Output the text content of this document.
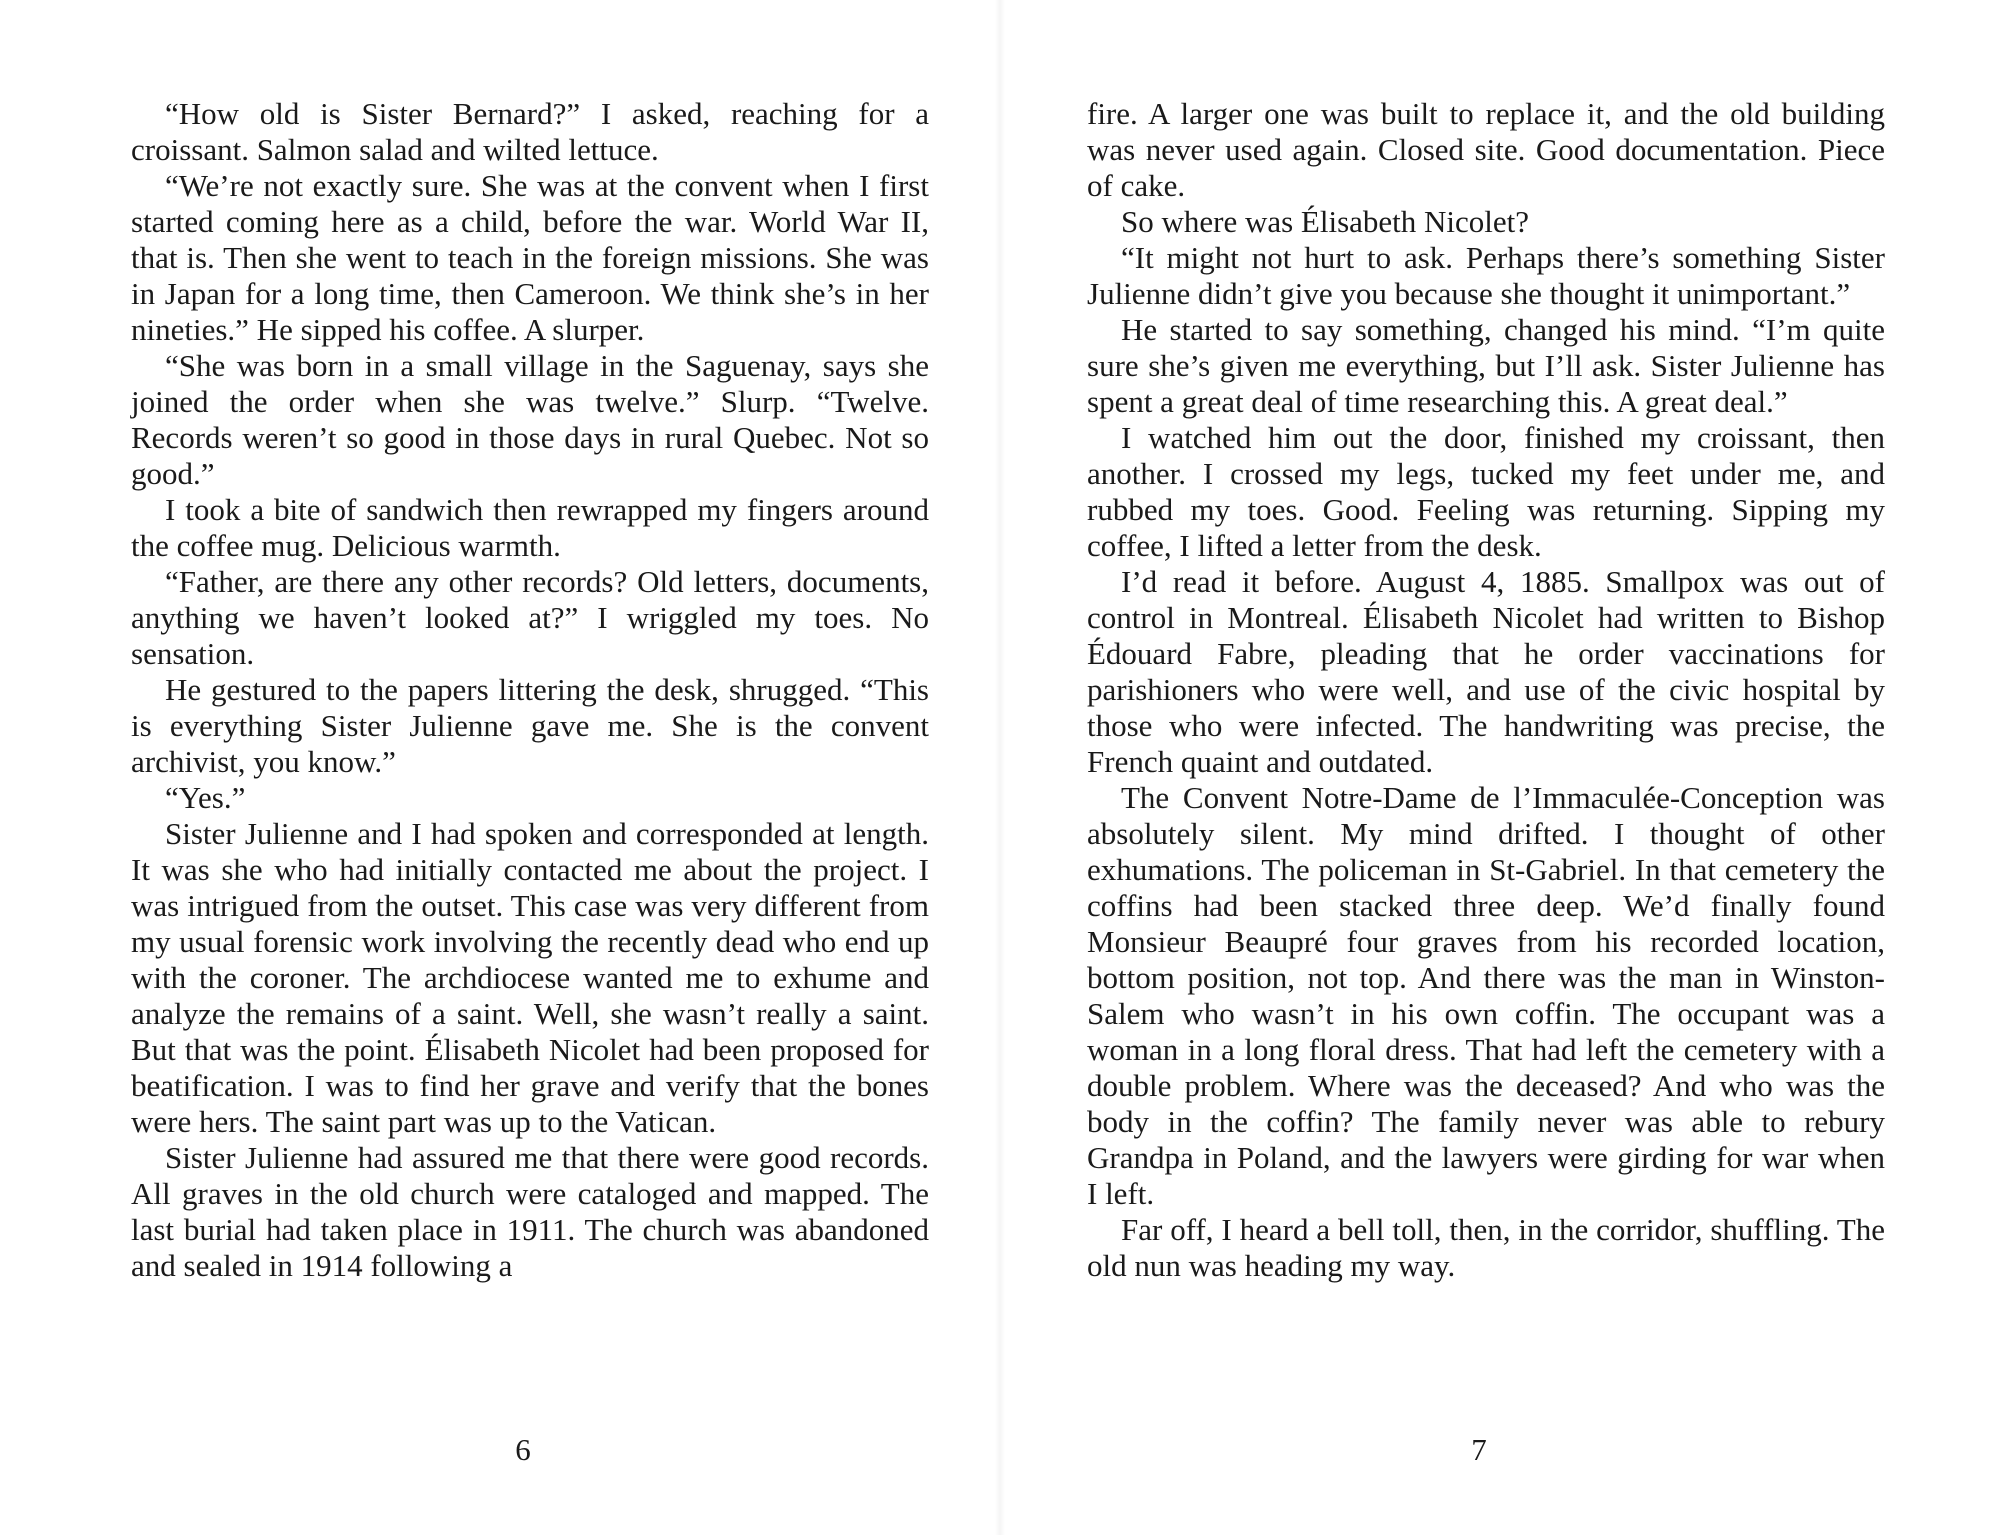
“How old is Sister Bernard?” I asked, reaching for a croissant. Salmon salad and wilted lettuce.

“We’re not exactly sure. She was at the convent when I first started coming here as a child, before the war. World War II, that is. Then she went to teach in the foreign missions. She was in Japan for a long time, then Cameroon. We think she’s in her nineties.” He sipped his coffee. A slurper.

“She was born in a small village in the Saguenay, says she joined the order when she was twelve.” Slurp. “Twelve. Records weren’t so good in those days in rural Quebec. Not so good.”

I took a bite of sandwich then rewrapped my fingers around the coffee mug. Delicious warmth.

“Father, are there any other records? Old letters, documents, anything we haven’t looked at?” I wriggled my toes. No sensation.

He gestured to the papers littering the desk, shrugged. “This is everything Sister Julienne gave me. She is the convent archivist, you know.”

“Yes.”

Sister Julienne and I had spoken and corresponded at length. It was she who had initially contacted me about the project. I was intrigued from the outset. This case was very different from my usual forensic work involving the recently dead who end up with the coroner. The archdiocese wanted me to exhume and analyze the remains of a saint. Well, she wasn’t really a saint. But that was the point. Élisabeth Nicolet had been proposed for beatification. I was to find her grave and verify that the bones were hers. The saint part was up to the Vatican.

Sister Julienne had assured me that there were good records. All graves in the old church were cataloged and mapped. The last burial had taken place in 1911. The church was abandoned and sealed in 1914 following a

6

fire. A larger one was built to replace it, and the old building was never used again. Closed site. Good documentation. Piece of cake.

So where was Élisabeth Nicolet?

“It might not hurt to ask. Perhaps there’s something Sister Julienne didn’t give you because she thought it unimportant.”

He started to say something, changed his mind. “I’m quite sure she’s given me everything, but I’ll ask. Sister Julienne has spent a great deal of time researching this. A great deal.”

I watched him out the door, finished my croissant, then another. I crossed my legs, tucked my feet under me, and rubbed my toes. Good. Feeling was returning. Sipping my coffee, I lifted a letter from the desk.

I’d read it before. August 4, 1885. Smallpox was out of control in Montreal. Élisabeth Nicolet had written to Bishop Édouard Fabre, pleading that he order vaccinations for parishioners who were well, and use of the civic hospital by those who were infected. The handwriting was precise, the French quaint and outdated.

The Convent Notre-Dame de l’Immaculée-Conception was absolutely silent. My mind drifted. I thought of other exhumations. The policeman in St-Gabriel. In that cemetery the coffins had been stacked three deep. We’d finally found Monsieur Beaupré four graves from his recorded location, bottom position, not top. And there was the man in Winston-Salem who wasn’t in his own coffin. The occupant was a woman in a long floral dress. That had left the cemetery with a double problem. Where was the deceased? And who was the body in the coffin? The family never was able to rebury Grandpa in Poland, and the lawyers were girding for war when I left.

Far off, I heard a bell toll, then, in the corridor, shuffling. The old nun was heading my way.

7
